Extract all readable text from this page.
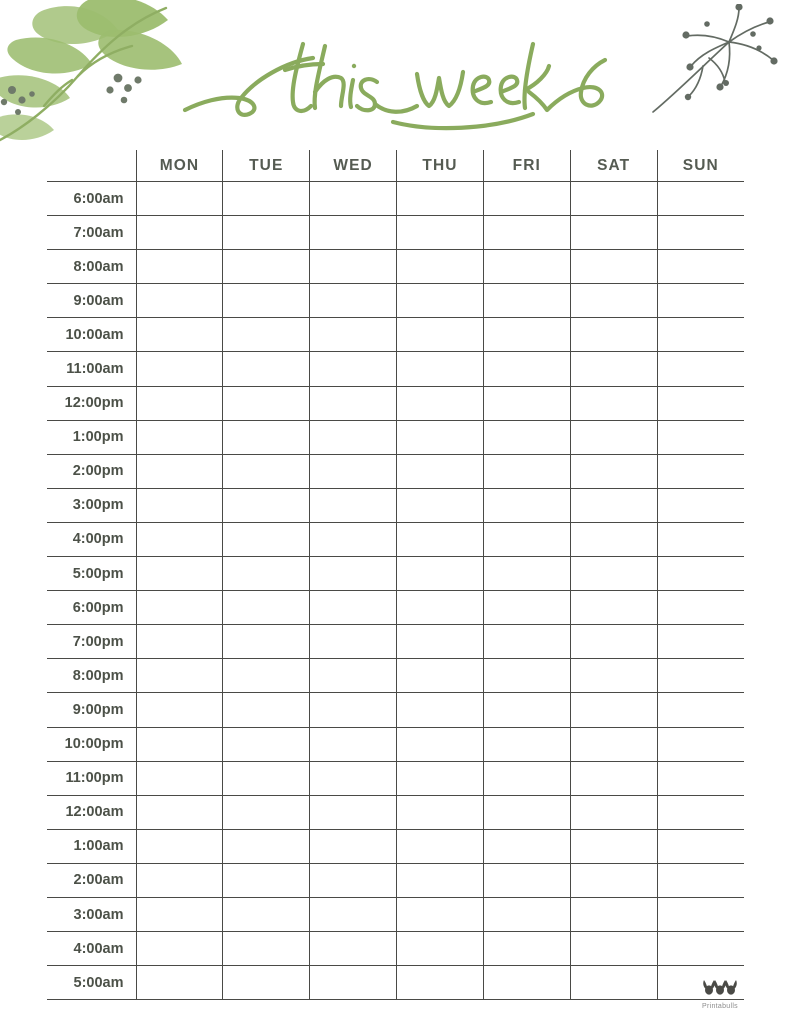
	MON	TUE	WED	THU	FRI	SAT	SUN
6:00am							
7:00am							
8:00am							
9:00am							
10:00am							
11:00am							
12:00pm							
1:00pm							
2:00pm							
3:00pm							
4:00pm							
5:00pm							
6:00pm							
7:00pm							
8:00pm							
9:00pm							
10:00pm							
11:00pm							
12:00am							
1:00am							
2:00am							
3:00am							
4:00am							
5:00am							
Printabulls
